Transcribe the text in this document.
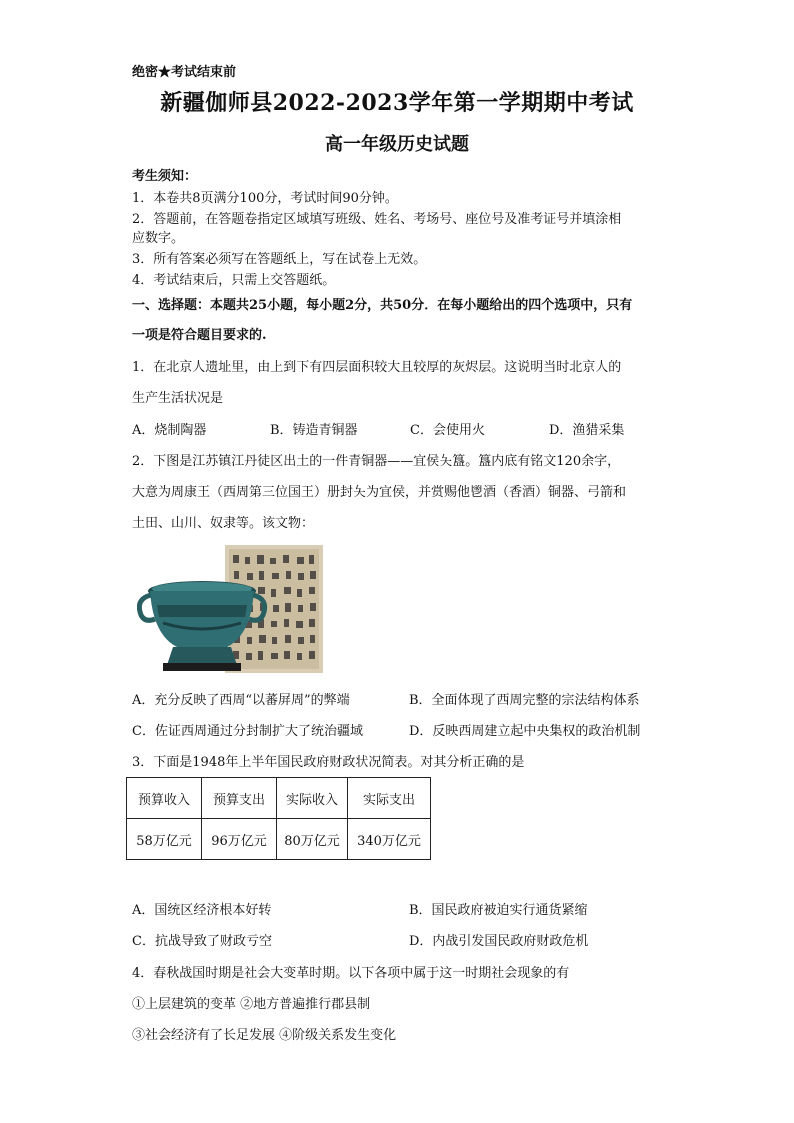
绝密★考试结束前
新疆伽师县2022-2023学年第一学期期中考试
高一年级历史试题
考生须知：
1．本卷共8页满分100分，考试时间90分钟。
2．答题前，在答题卷指定区域填写班级、姓名、考场号、座位号及准考证号并填涂相
应数字。
3．所有答案必须写在答题纸上，写在试卷上无效。
4．考试结束后，只需上交答题纸。
一、选择题：本题共25小题，每小题2分，共50分．在每小题给出的四个选项中，只有
一项是符合题目要求的.
1．在北京人遗址里，由上到下有四层面积较大且较厚的灰烬层。这说明当时北京人的
生产生活状况是
A．烧制陶器	B．铸造青铜器	C．会使用火	D．渔猎采集
2．下图是江苏镇江丹徒区出土的一件青铜器——宜侯夨簋。簋内底有铭文120余字，
大意为周康王（西周第三位国王）册封夨为宜侯，并赏赐他鬯酒（香酒）铜器、弓箭和
土田、山川、奴隶等。该文物：
A．充分反映了西周“以蕃屏周”的弊端	B．全面体现了西周完整的宗法结构体系
C．佐证西周通过分封制扩大了统治疆域	D．反映西周建立起中央集权的政治机制
3．下面是1948年上半年国民政府财政状况简表。对其分析正确的是
预算收入	预算支出	实际收入	实际支出
58万亿元	96万亿元	80万亿元	340万亿元
A．国统区经济根本好转	B．国民政府被迫实行通货紧缩
C．抗战导致了财政亏空	D．内战引发国民政府财政危机
4．春秋战国时期是社会大变革时期。以下各项中属于这一时期社会现象的有
①上层建筑的变革 ②地方普遍推行郡县制
③社会经济有了长足发展 ④阶级关系发生变化
